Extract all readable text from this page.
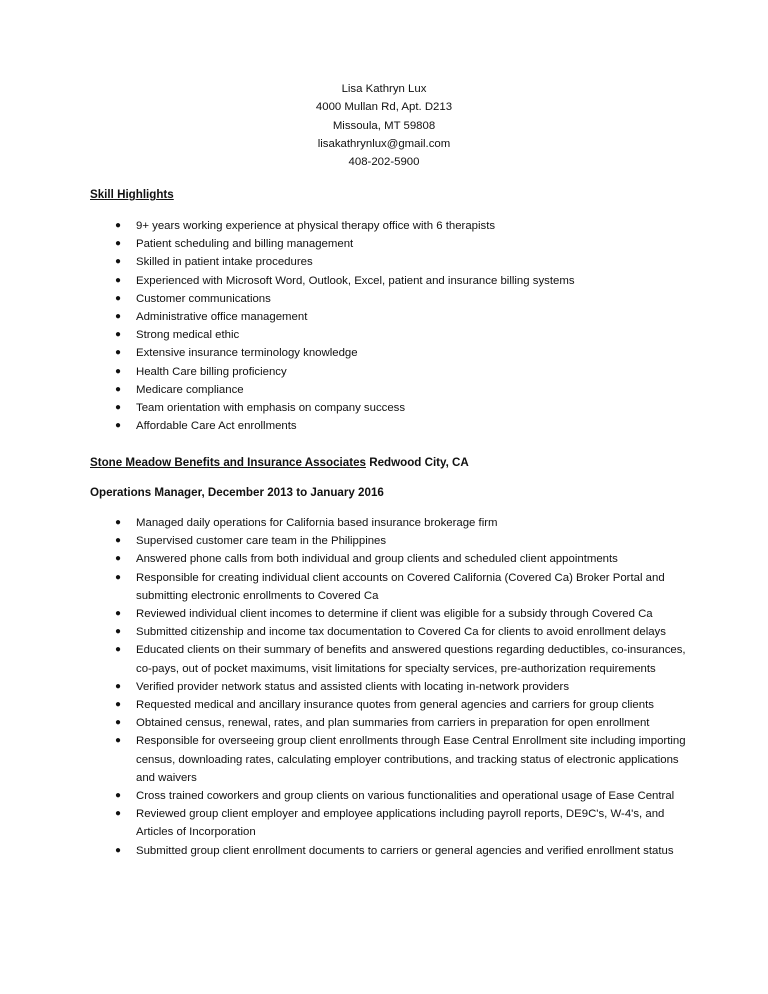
Lisa Kathryn Lux
4000 Mullan Rd, Apt. D213
Missoula, MT 59808
lisakathrynlux@gmail.com
408-202-5900
Skill Highlights
● 9+ years working experience at physical therapy office with 6 therapists
● Patient scheduling and billing management
● Skilled in patient intake procedures
● Experienced with Microsoft Word, Outlook, Excel, patient and insurance billing systems
● Customer communications
● Administrative office management
● Strong medical ethic
● Extensive insurance terminology knowledge
● Health Care billing proficiency
● Medicare compliance
● Team orientation with emphasis on company success
● Affordable Care Act enrollments
Stone Meadow Benefits and Insurance Associates Redwood City, CA
Operations Manager, December 2013 to January 2016
● Managed daily operations for California based insurance brokerage firm
● Supervised customer care team in the Philippines
● Answered phone calls from both individual and group clients and scheduled client appointments
● Responsible for creating individual client accounts on Covered California (Covered Ca) Broker Portal and submitting electronic enrollments to Covered Ca
● Reviewed individual client incomes to determine if client was eligible for a subsidy through Covered Ca
● Submitted citizenship and income tax documentation to Covered Ca for clients to avoid enrollment delays
● Educated clients on their summary of benefits and answered questions regarding deductibles, co-insurances, co-pays, out of pocket maximums, visit limitations for specialty services, pre-authorization requirements
● Verified provider network status and assisted clients with locating in-network providers
● Requested medical and ancillary insurance quotes from general agencies and carriers for group clients
● Obtained census, renewal, rates, and plan summaries from carriers in preparation for open enrollment
● Responsible for overseeing group client enrollments through Ease Central Enrollment site including importing census, downloading rates, calculating employer contributions, and tracking status of electronic applications and waivers
● Cross trained coworkers and group clients on various functionalities and operational usage of Ease Central
● Reviewed group client employer and employee applications including payroll reports, DE9C's, W-4's, and Articles of Incorporation
● Submitted group client enrollment documents to carriers or general agencies and verified enrollment status
